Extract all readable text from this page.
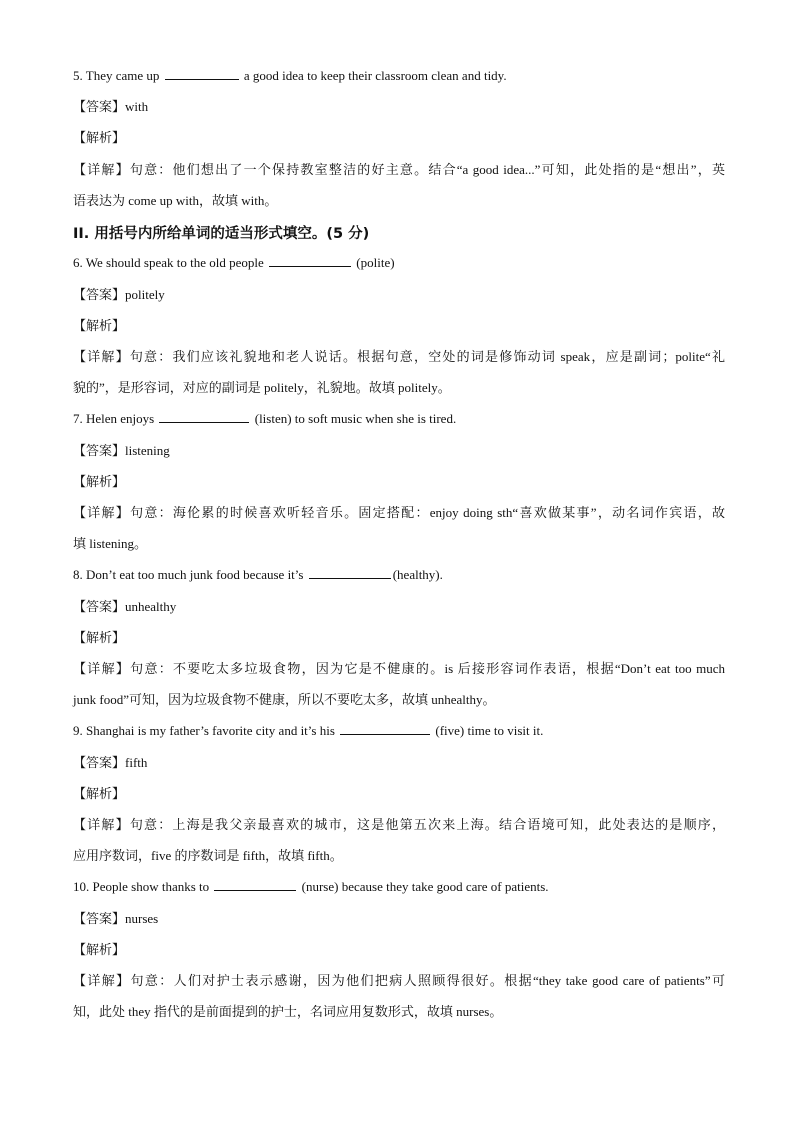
5. They came up	a good idea to keep their classroom clean and tidy.
【答案】with
【解析】
【详解】句意：他们想出了一个保持教室整洁的好主意。结合“a good idea...”可知，此处指的是“想出”，英
语表达为 come up with，故填 with。
II. 用括号内所给单词的适当形式填空。(5 分)
6. We should speak to the old people	(polite)
【答案】politely
【解析】
【详解】句意：我们应该礼貌地和老人说话。根据句意，空处的词是修饰动词 speak，应是副词；polite“礼
貌的”，是形容词，对应的副词是 politely，礼貌地。故填 politely。
7. Helen enjoys	(listen) to soft music when she is tired.
【答案】listening
【解析】
【详解】句意：海伦累的时候喜欢听轻音乐。固定搭配：enjoy doing sth“喜欢做某事”，动名词作宾语，故
填 listening。
8. Don’t eat too much junk food because it’s	(healthy).
【答案】unhealthy
【解析】
【详解】句意：不要吃太多垃圾食物，因为它是不健康的。is 后接形容词作表语，根据“Don’t eat too much
junk food”可知，因为垃圾食物不健康，所以不要吃太多，故填 unhealthy。
9. Shanghai is my father’s favorite city and it’s his	(five) time to visit it.
【答案】fifth
【解析】
【详解】句意：上海是我父亲最喜欢的城市，这是他第五次来上海。结合语境可知，此处表达的是顺序，
应用序数词，five 的序数词是 fifth，故填 fifth。
10. People show thanks to	(nurse) because they take good care of patients.
【答案】nurses
【解析】
【详解】句意：人们对护士表示感谢，因为他们把病人照顾得很好。根据“they take good care of patients”可
知，此处 they 指代的是前面提到的护士，名词应用复数形式，故填 nurses。
